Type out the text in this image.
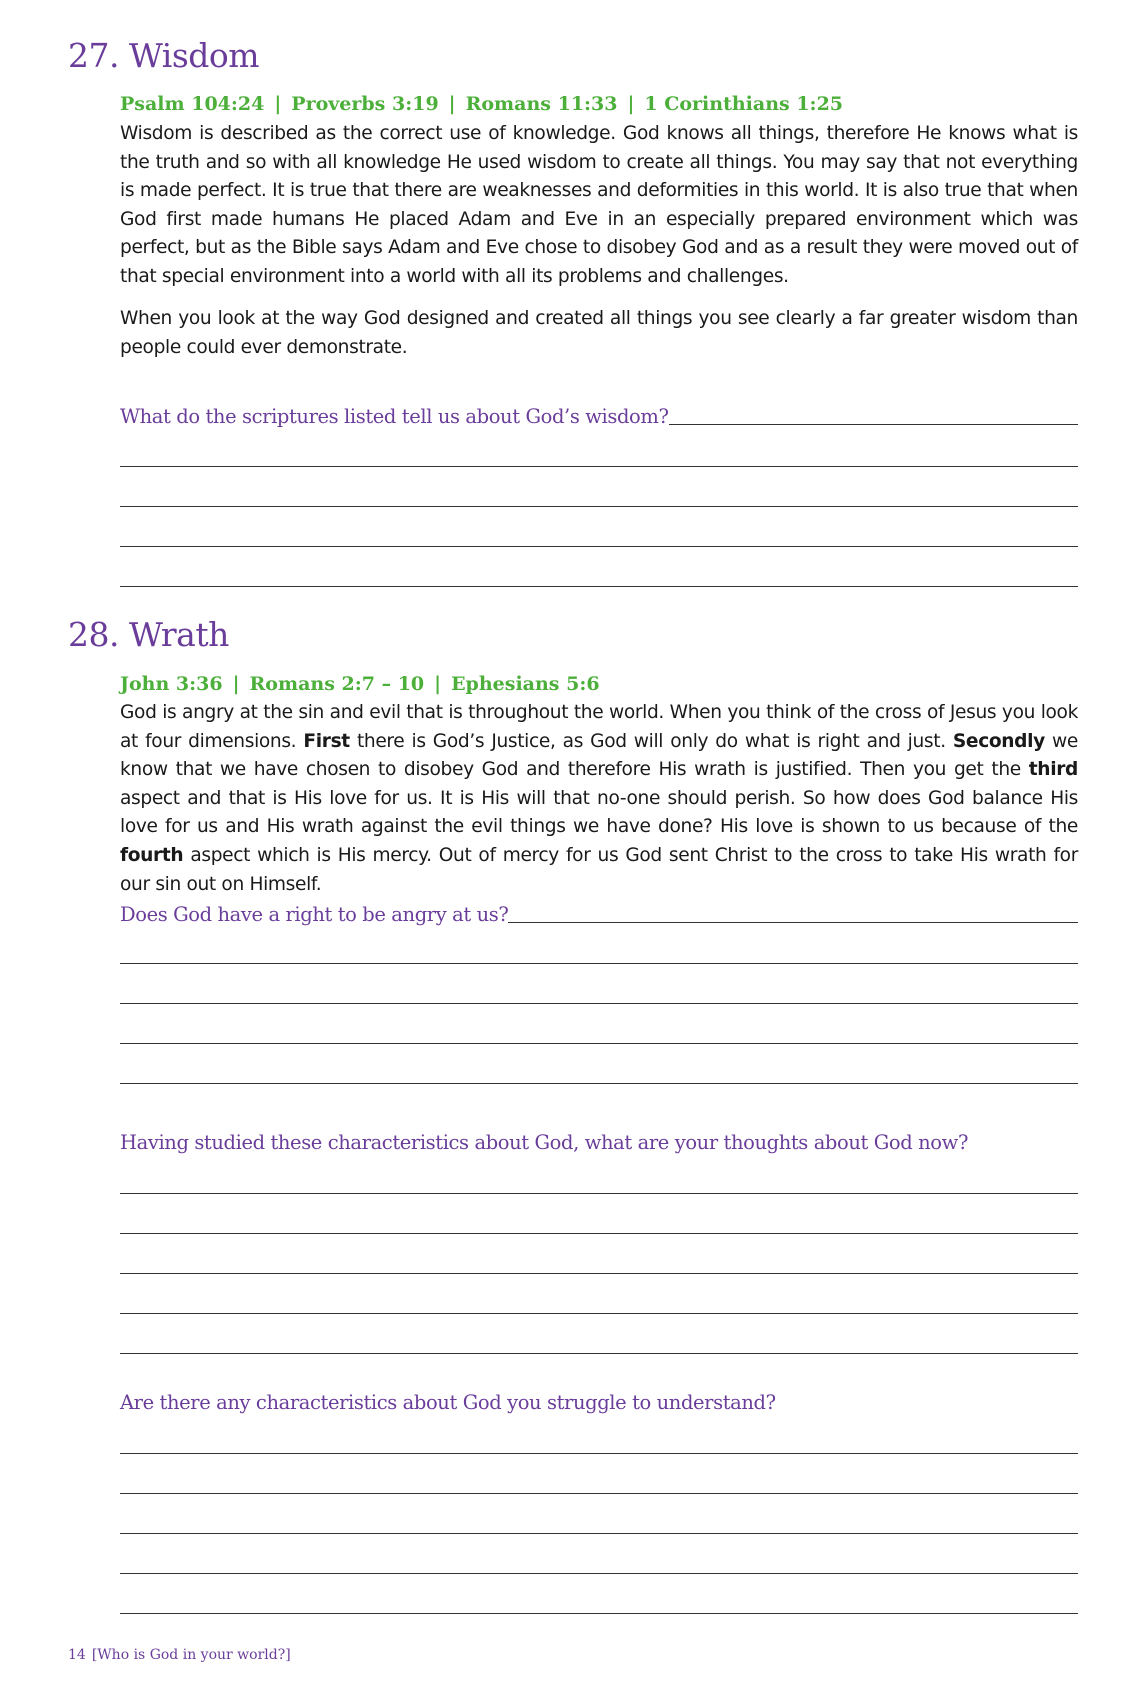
27. Wisdom
Psalm 104:24 | Proverbs 3:19 | Romans 11:33 | 1 Corinthians 1:25

Wisdom is described as the correct use of knowledge. God knows all things, therefore He knows what is the truth and so with all knowledge He used wisdom to create all things. You may say that not everything is made perfect. It is true that there are weaknesses and deformities in this world. It is also true that when God first made humans He placed Adam and Eve in an especially prepared environment which was perfect, but as the Bible says Adam and Eve chose to disobey God and as a result they were moved out of that special environment into a world with all its problems and challenges.

When you look at the way God designed and created all things you see clearly a far greater wisdom than people could ever demonstrate.

What do the scriptures listed tell us about God’s wisdom?
28. Wrath
John 3:36 | Romans 2:7 – 10 | Ephesians 5:6

God is angry at the sin and evil that is throughout the world. When you think of the cross of Jesus you look at four dimensions. First there is God’s Justice, as God will only do what is right and just. Secondly we know that we have chosen to disobey God and therefore His wrath is justified. Then you get the third aspect and that is His love for us. It is His will that no-one should perish. So how does God balance His love for us and His wrath against the evil things we have done? His love is shown to us because of the fourth aspect which is His mercy. Out of mercy for us God sent Christ to the cross to take His wrath for our sin out on Himself.

Does God have a right to be angry at us?
Having studied these characteristics about God, what are your thoughts about God now?
Are there any characteristics about God you struggle to understand?
14 [Who is God in your world?]
